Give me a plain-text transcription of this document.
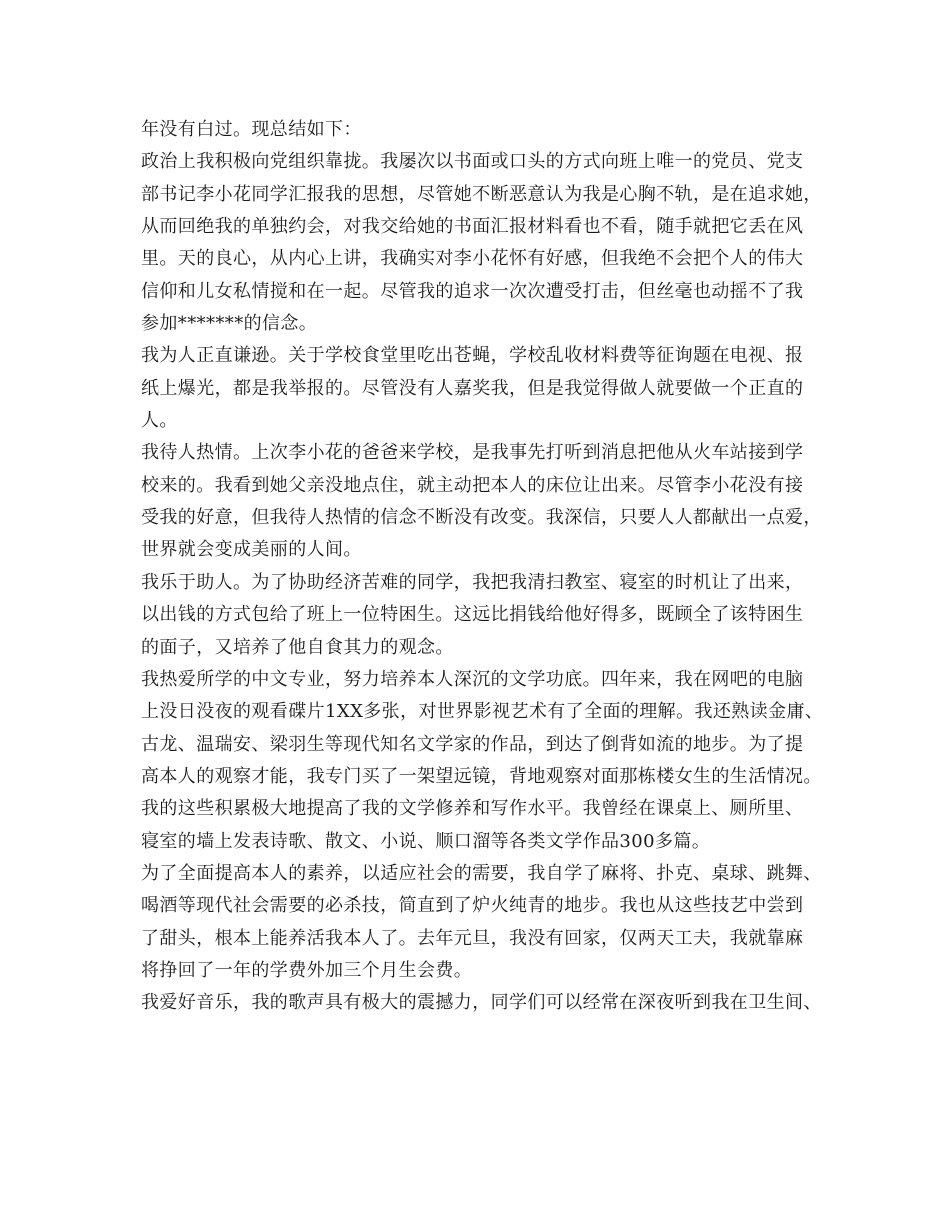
年没有白过。现总结如下：
政治上我积极向党组织靠拢。我屡次以书面或口头的方式向班上唯一的党员、党支
部书记李小花同学汇报我的思想，尽管她不断恶意认为我是心胸不轨，是在追求她，
从而回绝我的单独约会，对我交给她的书面汇报材料看也不看，随手就把它丢在风
里。天的良心，从内心上讲，我确实对李小花怀有好感，但我绝不会把个人的伟大
信仰和儿女私情搅和在一起。尽管我的追求一次次遭受打击，但丝毫也动摇不了我
参加*******的信念。
我为人正直谦逊。关于学校食堂里吃出苍蝇，学校乱收材料费等征询题在电视、报
纸上爆光，都是我举报的。尽管没有人嘉奖我，但是我觉得做人就要做一个正直的
人。
我待人热情。上次李小花的爸爸来学校，是我事先打听到消息把他从火车站接到学
校来的。我看到她父亲没地点住，就主动把本人的床位让出来。尽管李小花没有接
受我的好意，但我待人热情的信念不断没有改变。我深信，只要人人都献出一点爱，
世界就会变成美丽的人间。
我乐于助人。为了协助经济苦难的同学，我把我清扫教室、寝室的时机让了出来，
以出钱的方式包给了班上一位特困生。这远比捐钱给他好得多，既顾全了该特困生
的面子，又培养了他自食其力的观念。
我热爱所学的中文专业，努力培养本人深沉的文学功底。四年来，我在网吧的电脑
上没日没夜的观看碟片1XX多张，对世界影视艺术有了全面的理解。我还熟读金庸、
古龙、温瑞安、梁羽生等现代知名文学家的作品，到达了倒背如流的地步。为了提
高本人的观察才能，我专门买了一架望远镜，背地观察对面那栋楼女生的生活情况。
我的这些积累极大地提高了我的文学修养和写作水平。我曾经在课桌上、厕所里、
寝室的墙上发表诗歌、散文、小说、顺口溜等各类文学作品300多篇。
为了全面提高本人的素养，以适应社会的需要，我自学了麻将、扑克、桌球、跳舞、
喝酒等现代社会需要的必杀技，简直到了炉火纯青的地步。我也从这些技艺中尝到
了甜头，根本上能养活我本人了。去年元旦，我没有回家，仅两天工夫，我就靠麻
将挣回了一年的学费外加三个月生会费。
我爱好音乐，我的歌声具有极大的震撼力，同学们可以经常在深夜听到我在卫生间、
